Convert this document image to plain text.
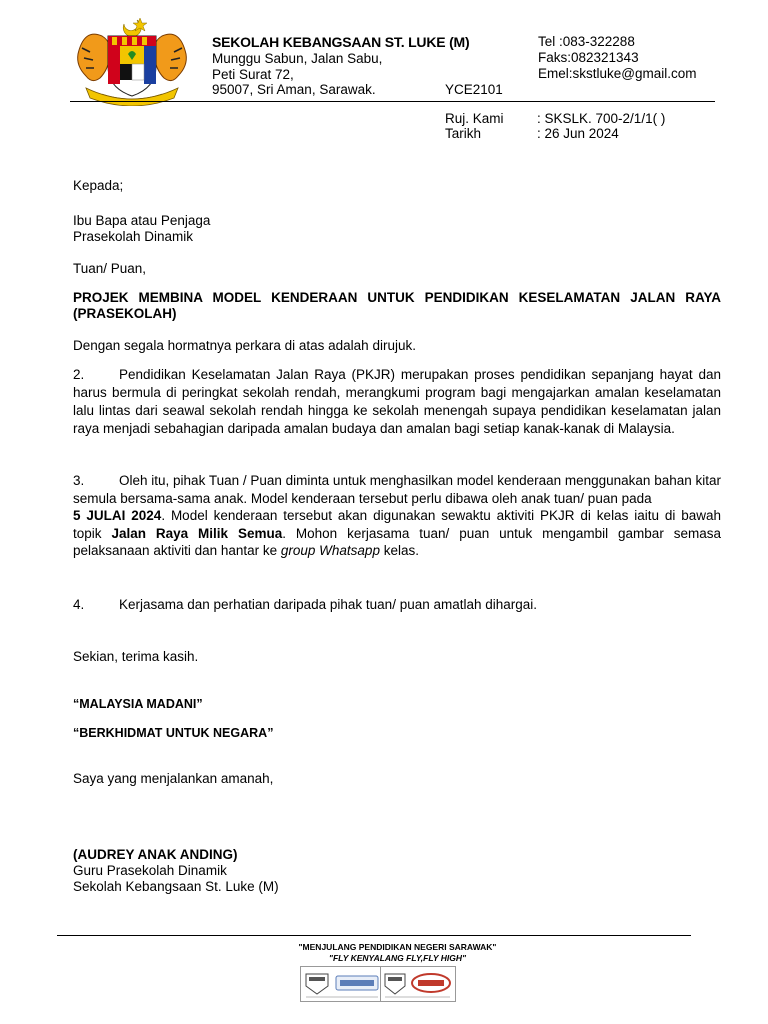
SEKOLAH KEBANGSAAN ST. LUKE (M)
Munggu Sabun, Jalan Sabu,
Peti Surat 72,
95007, Sri Aman, Sarawak.	YCE2101
Tel :083-322288
Faks:082321343
Emel:skstluke@gmail.com
Ruj. Kami : SKSLK. 700-2/1/1( )
Tarikh	: 26 Jun 2024
Kepada;
Ibu Bapa atau Penjaga
Prasekolah Dinamik
Tuan/ Puan,
PROJEK MEMBINA MODEL KENDERAAN UNTUK PENDIDIKAN KESELAMATAN JALAN RAYA (PRASEKOLAH)
Dengan segala hormatnya perkara di atas adalah dirujuk.
2.	Pendidikan Keselamatan Jalan Raya (PKJR) merupakan proses pendidikan sepanjang hayat dan harus bermula di peringkat sekolah rendah, merangkumi program bagi mengajarkan amalan keselamatan lalu lintas dari seawal sekolah rendah hingga ke sekolah menengah supaya pendidikan keselamatan jalan raya menjadi sebahagian daripada amalan budaya dan amalan bagi setiap kanak-kanak di Malaysia.
3.	Oleh itu, pihak Tuan / Puan diminta untuk menghasilkan model kenderaan menggunakan bahan kitar semula bersama-sama anak. Model kenderaan tersebut perlu dibawa oleh anak tuan/ puan pada
5 JULAI 2024. Model kenderaan tersebut akan digunakan sewaktu aktiviti PKJR di kelas iaitu di bawah topik Jalan Raya Milik Semua. Mohon kerjasama tuan/ puan untuk mengambil gambar semasa pelaksanaan aktiviti dan hantar ke group Whatsapp kelas.
4.	Kerjasama dan perhatian daripada pihak tuan/ puan amatlah dihargai.
Sekian, terima kasih.
“MALAYSIA MADANI”
“BERKHIDMAT UNTUK NEGARA”
Saya yang menjalankan amanah,
(AUDREY ANAK ANDING)
Guru Prasekolah Dinamik
Sekolah Kebangsaan St. Luke (M)
"MENJULANG PENDIDIKAN NEGERI SARAWAK"
"FLY KENYALANG FLY,FLY HIGH"
